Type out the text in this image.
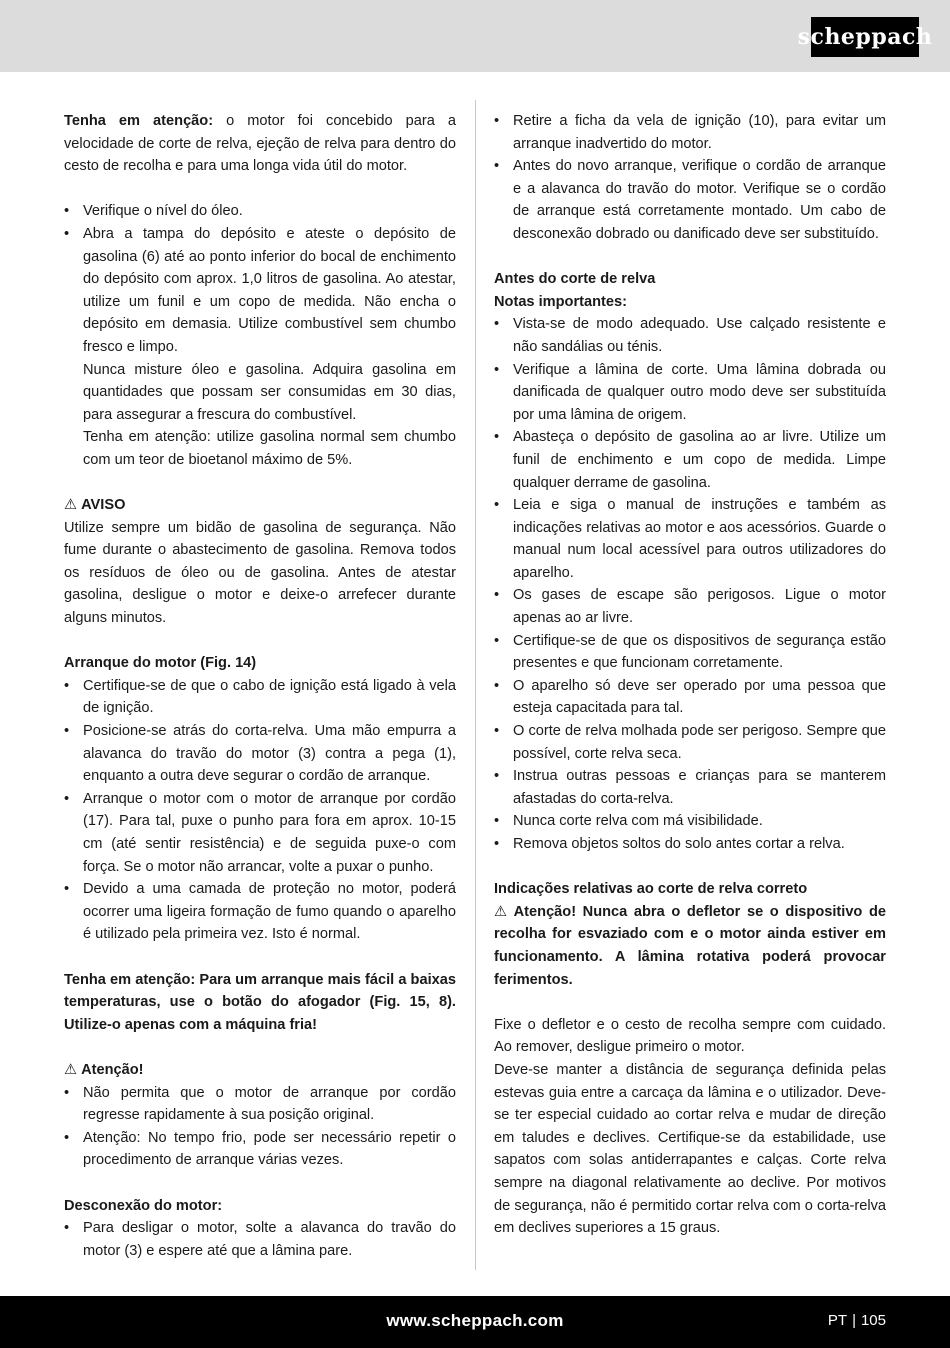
scheppach

Tenha em atenção: o motor foi concebido para a velocidade de corte de relva, ejeção de relva para dentro do cesto de recolha e para uma longa vida útil do motor.

• Verifique o nível do óleo.
• Abra a tampa do depósito e ateste o depósito de gasolina (6) até ao ponto inferior do bocal de enchimento do depósito com aprox. 1,0 litros de gasolina. Ao atestar, utilize um funil e um copo de medida. Não encha o depósito em demasia. Utilize combustível sem chumbo fresco e limpo.
Nunca misture óleo e gasolina. Adquira gasolina em quantidades que possam ser consumidas em 30 dias, para assegurar a frescura do combustível.
Tenha em atenção: utilize gasolina normal sem chumbo com um teor de bioetanol máximo de 5%.

⚠ AVISO

Utilize sempre um bidão de gasolina de segurança. Não fume durante o abastecimento de gasolina. Remova todos os resíduos de óleo ou de gasolina. Antes de atestar gasolina, desligue o motor e deixe-o arrefecer durante alguns minutos.

Arranque do motor (Fig. 14)

• Certifique-se de que o cabo de ignição está ligado à vela de ignição.
• Posicione-se atrás do corta-relva. Uma mão empurra a alavanca do travão do motor (3) contra a pega (1), enquanto a outra deve segurar o cordão de arranque.
• Arranque o motor com o motor de arranque por cordão (17). Para tal, puxe o punho para fora em aprox. 10-15 cm (até sentir resistência) e de seguida puxe-o com força. Se o motor não arrancar, volte a puxar o punho.
• Devido a uma camada de proteção no motor, poderá ocorrer uma ligeira formação de fumo quando o aparelho é utilizado pela primeira vez. Isto é normal.

Tenha em atenção: Para um arranque mais fácil a baixas temperaturas, use o botão do afogador (Fig. 15, 8). Utilize-o apenas com a máquina fria!

⚠ Atenção!

• Não permita que o motor de arranque por cordão regresse rapidamente à sua posição original.
• Atenção: No tempo frio, pode ser necessário repetir o procedimento de arranque várias vezes.

Desconexão do motor:

• Para desligar o motor, solte a alavanca do travão do motor (3) e espere até que a lâmina pare.
• Retire a ficha da vela de ignição (10), para evitar um arranque inadvertido do motor.
• Antes do novo arranque, verifique o cordão de arranque e a alavanca do travão do motor. Verifique se o cordão de arranque está corretamente montado. Um cabo de desconexão dobrado ou danificado deve ser substituído.

Antes do corte de relva

Notas importantes:

• Vista-se de modo adequado. Use calçado resistente e não sandálias ou ténis.
• Verifique a lâmina de corte. Uma lâmina dobrada ou danificada de qualquer outro modo deve ser substituída por uma lâmina de origem.
• Abasteça o depósito de gasolina ao ar livre. Utilize um funil de enchimento e um copo de medida. Limpe qualquer derrame de gasolina.
• Leia e siga o manual de instruções e também as indicações relativas ao motor e aos acessórios. Guarde o manual num local acessível para outros utilizadores do aparelho.
• Os gases de escape são perigosos. Ligue o motor apenas ao ar livre.
• Certifique-se de que os dispositivos de segurança estão presentes e que funcionam corretamente.
• O aparelho só deve ser operado por uma pessoa que esteja capacitada para tal.
• O corte de relva molhada pode ser perigoso. Sempre que possível, corte relva seca.
• Instrua outras pessoas e crianças para se manterem afastadas do corta-relva.
• Nunca corte relva com má visibilidade.
• Remova objetos soltos do solo antes cortar a relva.

Indicações relativas ao corte de relva correto

⚠ Atenção! Nunca abra o defletor se o dispositivo de recolha for esvaziado com e o motor ainda estiver em funcionamento. A lâmina rotativa poderá provocar ferimentos.

Fixe o defletor e o cesto de recolha sempre com cuidado. Ao remover, desligue primeiro o motor.

Deve-se manter a distância de segurança definida pelas estevas guia entre a carcaça da lâmina e o utilizador. Deve-se ter especial cuidado ao cortar relva e mudar de direção em taludes e declives. Certifique-se da estabilidade, use sapatos com solas antiderrapantes e calças. Corte relva sempre na diagonal relativamente ao declive. Por motivos de segurança, não é permitido cortar relva com o corta-relva em declives superiores a 15 graus.

www.scheppach.com	PT | 105
